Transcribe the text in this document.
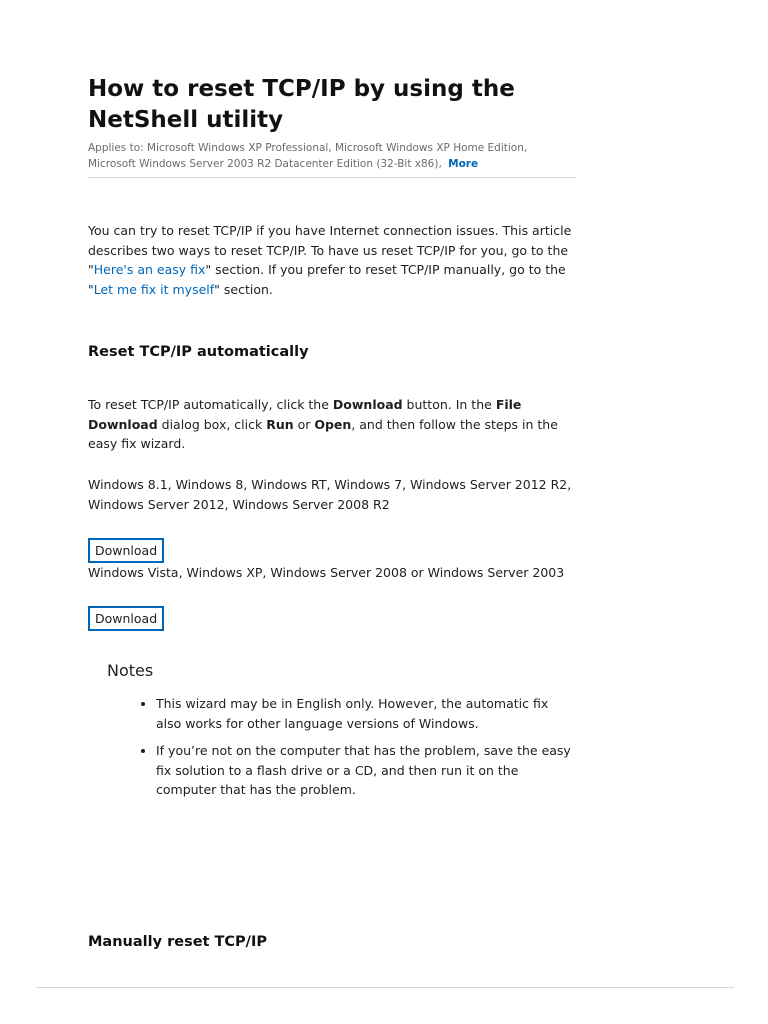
How to reset TCP/IP by using the NetShell utility
Applies to: Microsoft Windows XP Professional, Microsoft Windows XP Home Edition, Microsoft Windows Server 2003 R2 Datacenter Edition (32-Bit x86), More

You can try to reset TCP/IP if you have Internet connection issues. This article describes two ways to reset TCP/IP. To have us reset TCP/IP for you, go to the "Here's an easy fix" section. If you prefer to reset TCP/IP manually, go to the "Let me fix it myself" section.

Reset TCP/IP automatically

To reset TCP/IP automatically, click the Download button. In the File Download dialog box, click Run or Open, and then follow the steps in the easy fix wizard.

Windows 8.1, Windows 8, Windows RT, Windows 7, Windows Server 2012 R2, Windows Server 2012, Windows Server 2008 R2

Download

Windows Vista, Windows XP, Windows Server 2008 or Windows Server 2003

Download
Notes
• This wizard may be in English only. However, the automatic fix also works for other language versions of Windows.
• If you’re not on the computer that has the problem, save the easy fix solution to a flash drive or a CD, and then run it on the computer that has the problem.
Manually reset TCP/IP
